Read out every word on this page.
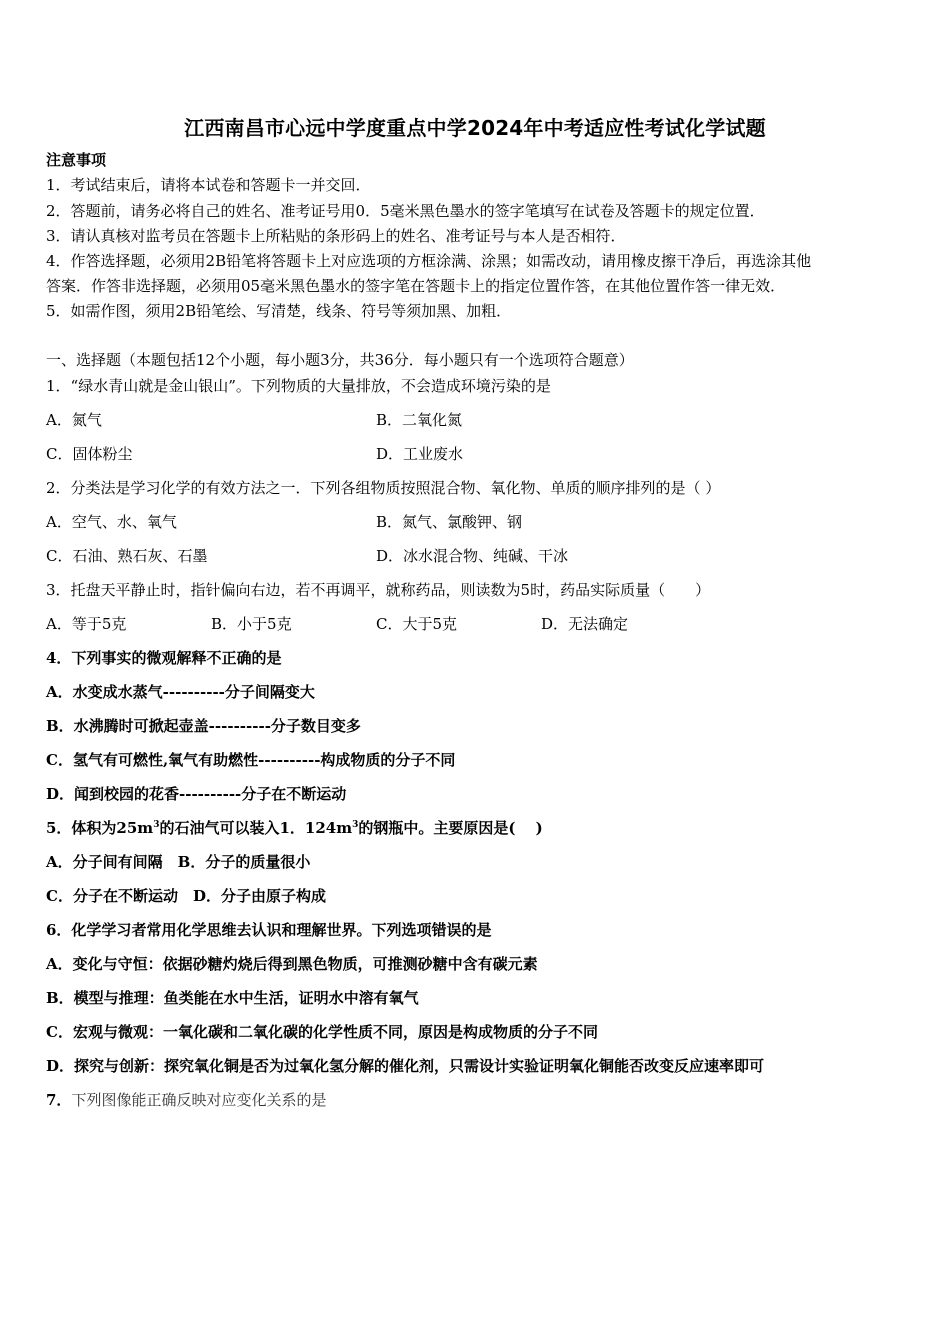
江西南昌市心远中学度重点中学2024年中考适应性考试化学试题
注意事项
1．考试结束后，请将本试卷和答题卡一并交回．
2．答题前，请务必将自己的姓名、准考证号用0．5毫米黑色墨水的签字笔填写在试卷及答题卡的规定位置．
3．请认真核对监考员在答题卡上所粘贴的条形码上的姓名、准考证号与本人是否相符．
4．作答选择题，必须用2B铅笔将答题卡上对应选项的方框涂满、涂黑；如需改动，请用橡皮擦干净后，再选涂其他
答案．作答非选择题，必须用05毫米黑色墨水的签字笔在答题卡上的指定位置作答，在其他位置作答一律无效．
5．如需作图，须用2B铅笔绘、写清楚，线条、符号等须加黑、加粗．
一、选择题（本题包括12个小题，每小题3分，共36分．每小题只有一个选项符合题意）
1．“绿水青山就是金山银山”。下列物质的大量排放，不会造成环境污染的是
A．氮气	B．二氧化氮
C．固体粉尘	D．工业废水
2．分类法是学习化学的有效方法之一．下列各组物质按照混合物、氧化物、单质的顺序排列的是（ ）
A．空气、水、氧气	B．氮气、氯酸钾、钢
C．石油、熟石灰、石墨	D．冰水混合物、纯碱、干冰
3．托盘天平静止时，指针偏向右边，若不再调平，就称药品，则读数为5时，药品实际质量（　　）
A．等于5克	B．小于5克	C．大于5克	D．无法确定
4．下列事实的微观解释不正确的是
A．水变成水蒸气----------分子间隔变大
B．水沸腾时可掀起壶盖----------分子数目变多
C．氢气有可燃性,氧气有助燃性----------构成物质的分子不同
D．闻到校园的花香----------分子在不断运动
5．体积为$25m^3$的石油气可以装入1．$124m^3$的钢瓶中。主要原因是(　 )
A．分子间有间隔　B．分子的质量很小
C．分子在不断运动　D．分子由原子构成
6．化学学习者常用化学思维去认识和理解世界。下列选项错误的是
A．变化与守恒：依据砂糖灼烧后得到黑色物质，可推测砂糖中含有碳元素
B．模型与推理：鱼类能在水中生活，证明水中溶有氧气
C．宏观与微观：一氧化碳和二氧化碳的化学性质不同，原因是构成物质的分子不同
D．探究与创新：探究氧化铜是否为过氧化氢分解的催化剂，只需设计实验证明氧化铜能否改变反应速率即可
7．下列图像能正确反映对应变化关系的是
